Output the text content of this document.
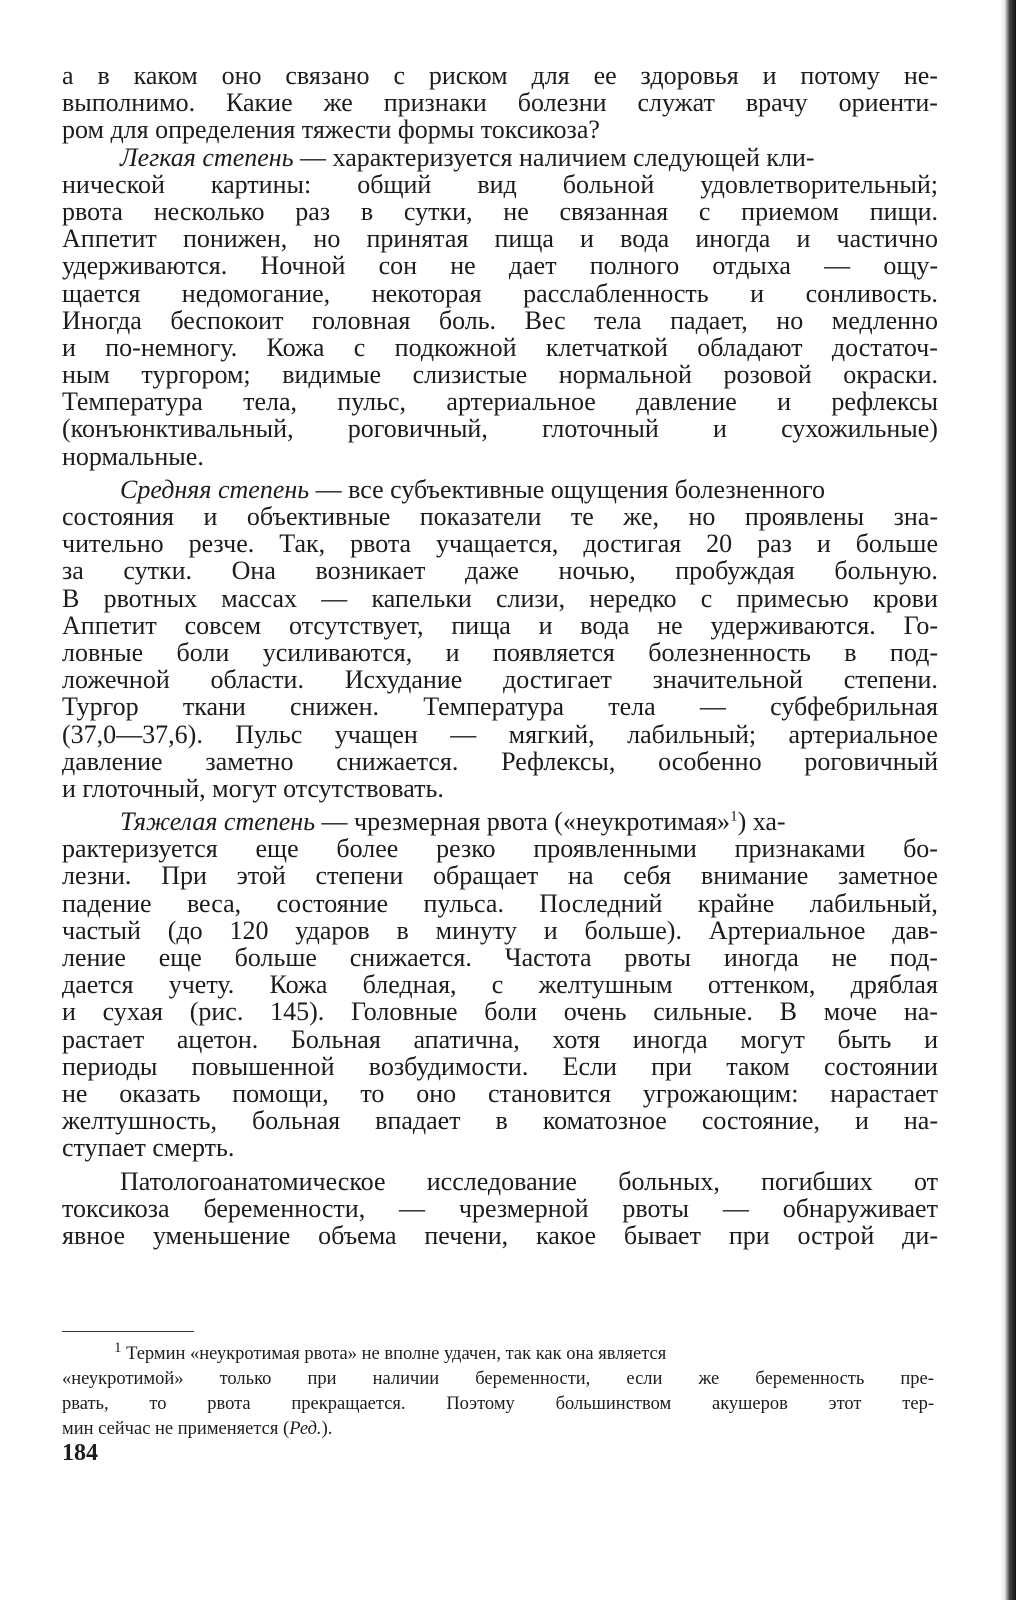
а в каком оно связано с риском для ее здоровья и потому не-
выполнимо. Какие же признаки болезни служат врачу ориенти-
ром для определения тяжести формы токсикоза?
Легкая степень — характеризуется наличием следующей кли-
нической картины: общий вид больной удовлетворительный;
рвота несколько раз в сутки, не связанная с приемом пищи.
Аппетит понижен, но принятая пища и вода иногда и частично
удерживаются. Ночной сон не дает полного отдыха — ощу-
щается недомогание, некоторая расслабленность и сонливость.
Иногда беспокоит головная боль. Вес тела падает, но медленно
и по-немногу. Кожа с подкожной клетчаткой обладают достаточ-
ным тургором; видимые слизистые нормальной розовой окраски.
Температура тела, пульс, артериальное давление и рефлексы
(конъюнктивальный, роговичный, глоточный и сухожильные)
нормальные.
Средняя степень — все субъективные ощущения болезненного
состояния и объективные показатели те же, но проявлены зна-
чительно резче. Так, рвота учащается, достигая 20 раз и больше
за сутки. Она возникает даже ночью, пробуждая больную.
В рвотных массах — капельки слизи, нередко с примесью крови
Аппетит совсем отсутствует, пища и вода не удерживаются. Го-
ловные боли усиливаются, и появляется болезненность в под-
ложечной области. Исхудание достигает значительной степени.
Тургор ткани снижен. Температура тела — субфебрильная
(37,0—37,6). Пульс учащен — мягкий, лабильный; артериальное
давление заметно снижается. Рефлексы, особенно роговичный
и глоточный, могут отсутствовать.
Тяжелая степень — чрезмерная рвота («неукротимая»$^1$) ха-
рактеризуется еще более резко проявленными признаками бо-
лезни. При этой степени обращает на себя внимание заметное
падение веса, состояние пульса. Последний крайне лабильный,
частый (до 120 ударов в минуту и больше). Артериальное дав-
ление еще больше снижается. Частота рвоты иногда не под-
дается учету. Кожа бледная, с желтушным оттенком, дряблая
и сухая (рис. 145). Головные боли очень сильные. В моче на-
растает ацетон. Больная апатична, хотя иногда могут быть и
периоды повышенной возбудимости. Если при таком состоянии
не оказать помощи, то оно становится угрожающим: нарастает
желтушность, больная впадает в коматозное состояние, и на-
ступает смерть.
Патологоанатомическое исследование больных, погибших от
токсикоза беременности, — чрезмерной рвоты — обнаруживает
явное уменьшение объема печени, какое бывает при острой ди-
$^1$ Термин «неукротимая рвота» не вполне удачен, так как она является
«неукротимой» только при наличии беременности, если же беременность пре-
рвать, то рвота прекращается. Поэтому большинством акушеров этот тер-
мин сейчас не применяется (Ред.).
184
